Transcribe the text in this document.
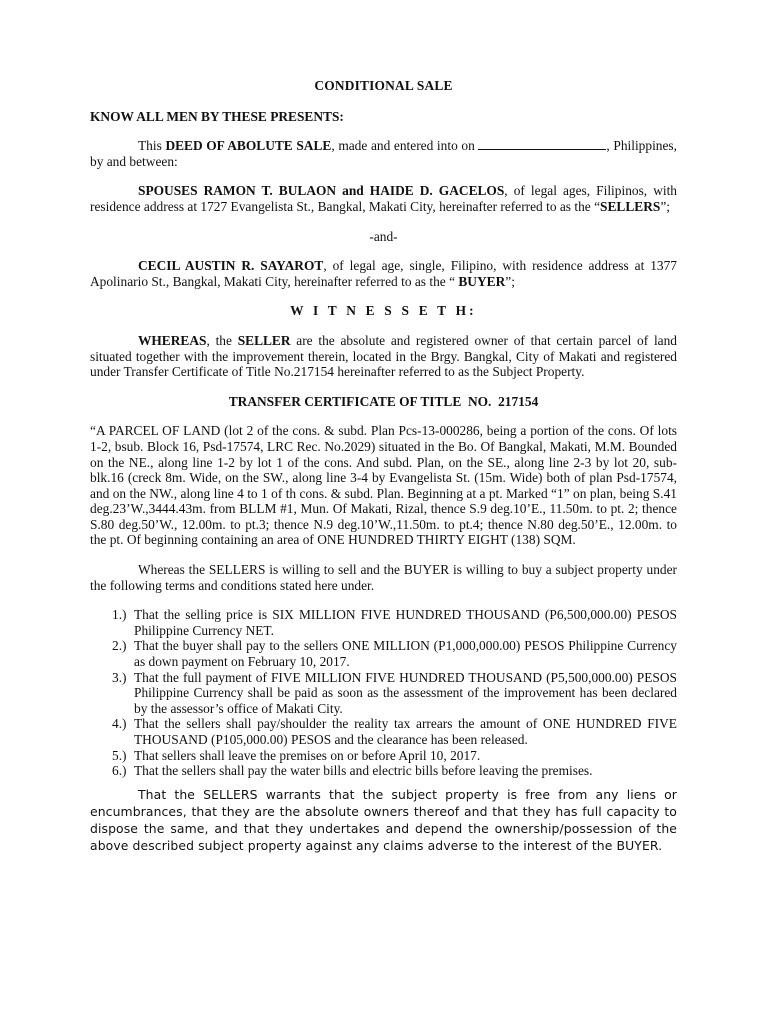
CONDITIONAL SALE
KNOW ALL MEN BY THESE PRESENTS:

This DEED OF ABOLUTE SALE, made and entered into on	, Philippines, by and between:

SPOUSES RAMON T. BULAON and HAIDE D. GACELOS, of legal ages, Filipinos, with residence address at 1727 Evangelista St., Bangkal, Makati City, hereinafter referred to as the “SELLERS”;

-and-

CECIL AUSTIN R. SAYAROT, of legal age, single, Filipino, with residence address at 1377 Apolinario St., Bangkal, Makati City, hereinafter referred to as the “ BUYER”;

W I T N E S S E T H:

WHEREAS, the SELLER are the absolute and registered owner of that certain parcel of land situated together with the improvement therein, located in the Brgy. Bangkal, City of Makati and registered under Transfer Certificate of Title No.217154 hereinafter referred to as the Subject Property.

TRANSFER CERTIFICATE OF TITLE  NO.  217154

“A PARCEL OF LAND (lot 2 of the cons. & subd. Plan Pcs-13-000286, being a portion of the cons. Of lots 1-2, bsub. Block 16, Psd-17574, LRC Rec. No.2029) situated in the Bo. Of Bangkal, Makati, M.M. Bounded on the NE., along line 1-2 by lot 1 of the cons. And subd. Plan, on the SE., along line 2-3 by lot 20, sub-blk.16 (creck 8m. Wide, on the SW., along line 3-4 by Evangelista St. (15m. Wide) both of plan Psd-17574, and on the NW., along line 4 to 1 of th cons. & subd. Plan. Beginning at a pt. Marked “1” on plan, being S.41 deg.23’W.,3444.43m. from BLLM #1, Mun. Of Makati, Rizal, thence S.9 deg.10’E., 11.50m. to pt. 2; thence S.80 deg.50’W., 12.00m. to pt.3; thence N.9 deg.10’W.,11.50m. to pt.4; thence N.80 deg.50’E., 12.00m. to the pt. Of beginning containing an area of ONE HUNDRED THIRTY EIGHT (138) SQM.

Whereas the SELLERS is willing to sell and the BUYER is willing to buy a subject property under the following terms and conditions stated here under.

1.) That the selling price is SIX MILLION FIVE HUNDRED THOUSAND (P6,500,000.00) PESOS Philippine Currency NET.
2.) That the buyer shall pay to the sellers ONE MILLION (P1,000,000.00) PESOS Philippine Currency as down payment on February 10, 2017.
3.) That the full payment of FIVE MILLION FIVE HUNDRED THOUSAND (P5,500,000.00) PESOS Philippine Currency shall be paid as soon as the assessment of the improvement has been declared by the assessor’s office of Makati City.
4.) That the sellers shall pay/shoulder the reality tax arrears the amount of ONE HUNDRED FIVE THOUSAND (P105,000.00) PESOS and the clearance has been released.
5.) That sellers shall leave the premises on or before April 10, 2017.
6.) That the sellers shall pay the water bills and electric bills before leaving the premises.

That the SELLERS warrants that the subject property is free from any liens or encumbrances, that they are the absolute owners thereof and that they has full capacity to dispose the same, and that they undertakes and depend the ownership/possession of the above described subject property against any claims adverse to the interest of the BUYER.
